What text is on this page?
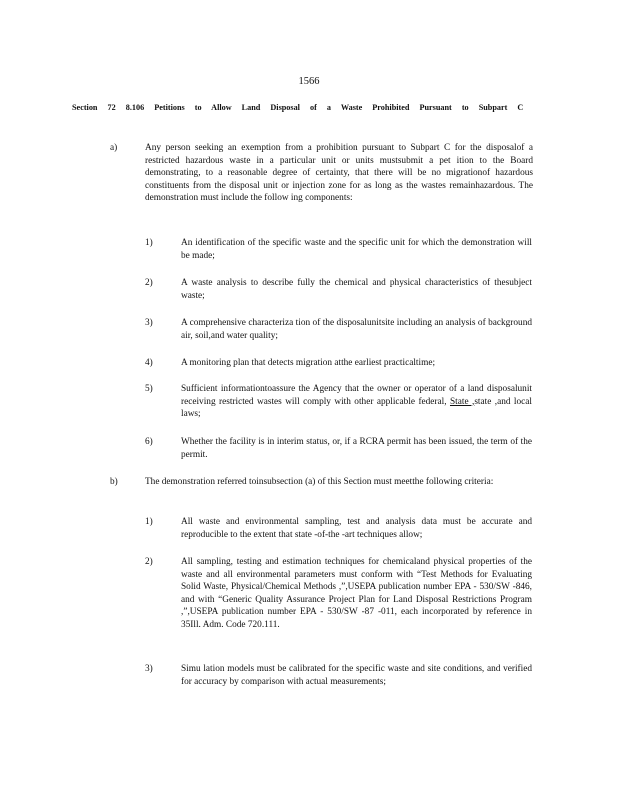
1566
Section 72 8.106 Petitions to Allow Land Disposal of a Waste Prohibited Pursuant to Subpart C
a)	Any person seeking an exemption from a prohibition pursuant to Subpart C for the disposalof a restricted hazardous waste in a particular unit or units mustsubmit a pet ition to the Board demonstrating, to a reasonable degree of certainty, that there will be no migrationof hazardous constituents from the disposal unit or injection zone for as long as the wastes remainhazardous. The demonstration must include the follow ing components:
1)	An identification of the specific waste and the specific unit for which the demonstration will be made;
2)	A waste analysis to describe fully the chemical and physical characteristics of thesubject waste;
3)	A comprehensive characteriza tion of the disposalunitsite including an analysis of background air, soil,and water quality;
4)	A monitoring plan that detects migration atthe earliest practicaltime;
5)	Sufficient informationtoassure the Agency that the owner or operator of a land disposalunit receiving restricted wastes will comply with other applicable federal, State ,state ,and local laws;
6)	Whether the facility is in interim status, or, if a RCRA permit has been issued, the term of the permit.
b)	The demonstration referred toinsubsection (a) of this Section must meetthe following criteria:
1)	All waste and environmental sampling, test and analysis data must be accurate and reproducible to the extent that state -of-the -art techniques allow;
2)	All sampling, testing and estimation techniques for chemicaland physical properties of the waste and all environmental parameters must conform with “Test Methods for Evaluating Solid Waste, Physical/Chemical Methods ,”,USEPA publication number EPA - 530/SW -846, and with “Generic Quality Assurance Project Plan for Land Disposal Restrictions Program ,”,USEPA publication number EPA - 530/SW -87 -011, each incorporated by reference in 35Ill. Adm. Code 720.111.
3)	Simu lation models must be calibrated for the specific waste and site conditions, and verified for accuracy by comparison with actual measurements;
